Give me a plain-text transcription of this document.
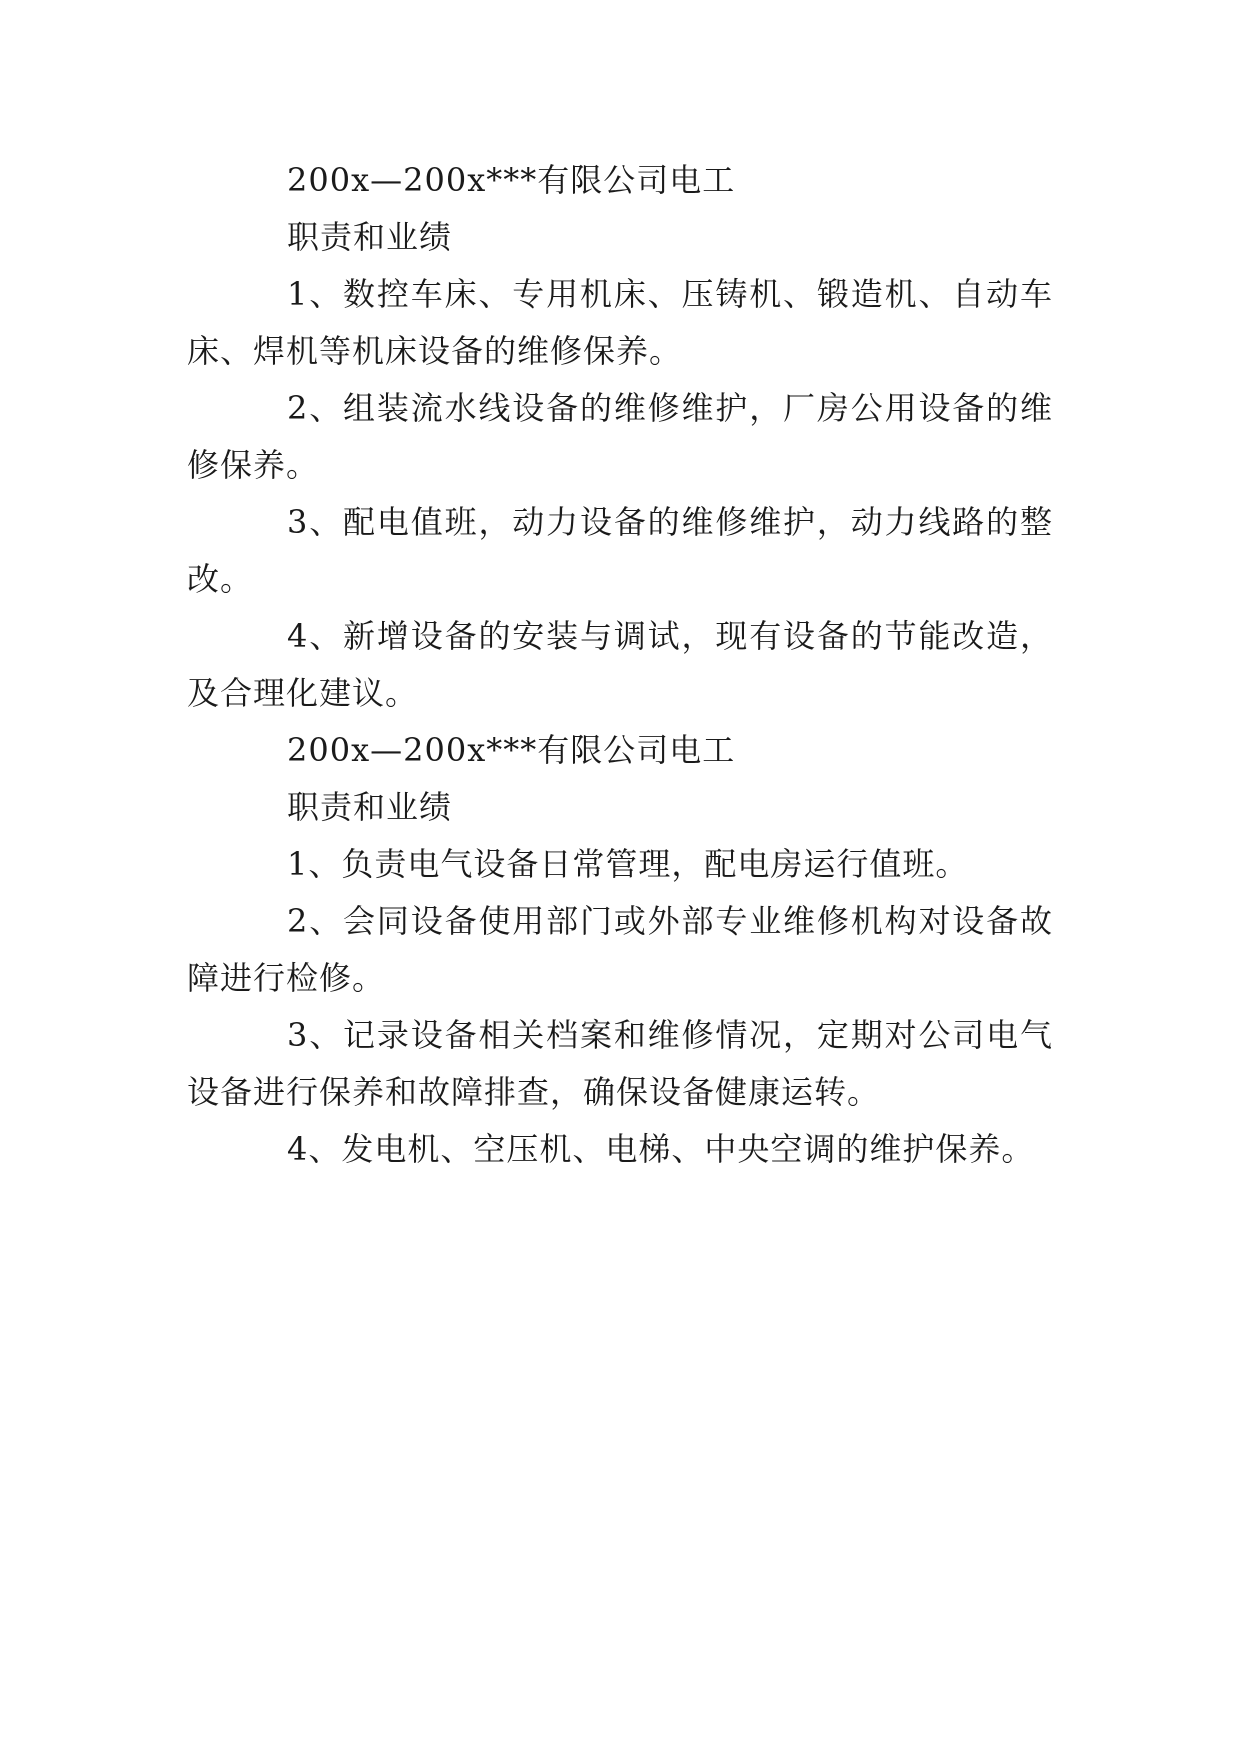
200x—200x***有限公司电工

职责和业绩

1、数控车床、专用机床、压铸机、锻造机、自动车床、焊机等机床设备的维修保养。

2、组装流水线设备的维修维护，厂房公用设备的维修保养。

3、配电值班，动力设备的维修维护，动力线路的整改。

4、新增设备的安装与调试，现有设备的节能改造，及合理化建议。

200x—200x***有限公司电工

职责和业绩

1、负责电气设备日常管理，配电房运行值班。

2、会同设备使用部门或外部专业维修机构对设备故障进行检修。

3、记录设备相关档案和维修情况，定期对公司电气设备进行保养和故障排查，确保设备健康运转。

4、发电机、空压机、电梯、中央空调的维护保养。
